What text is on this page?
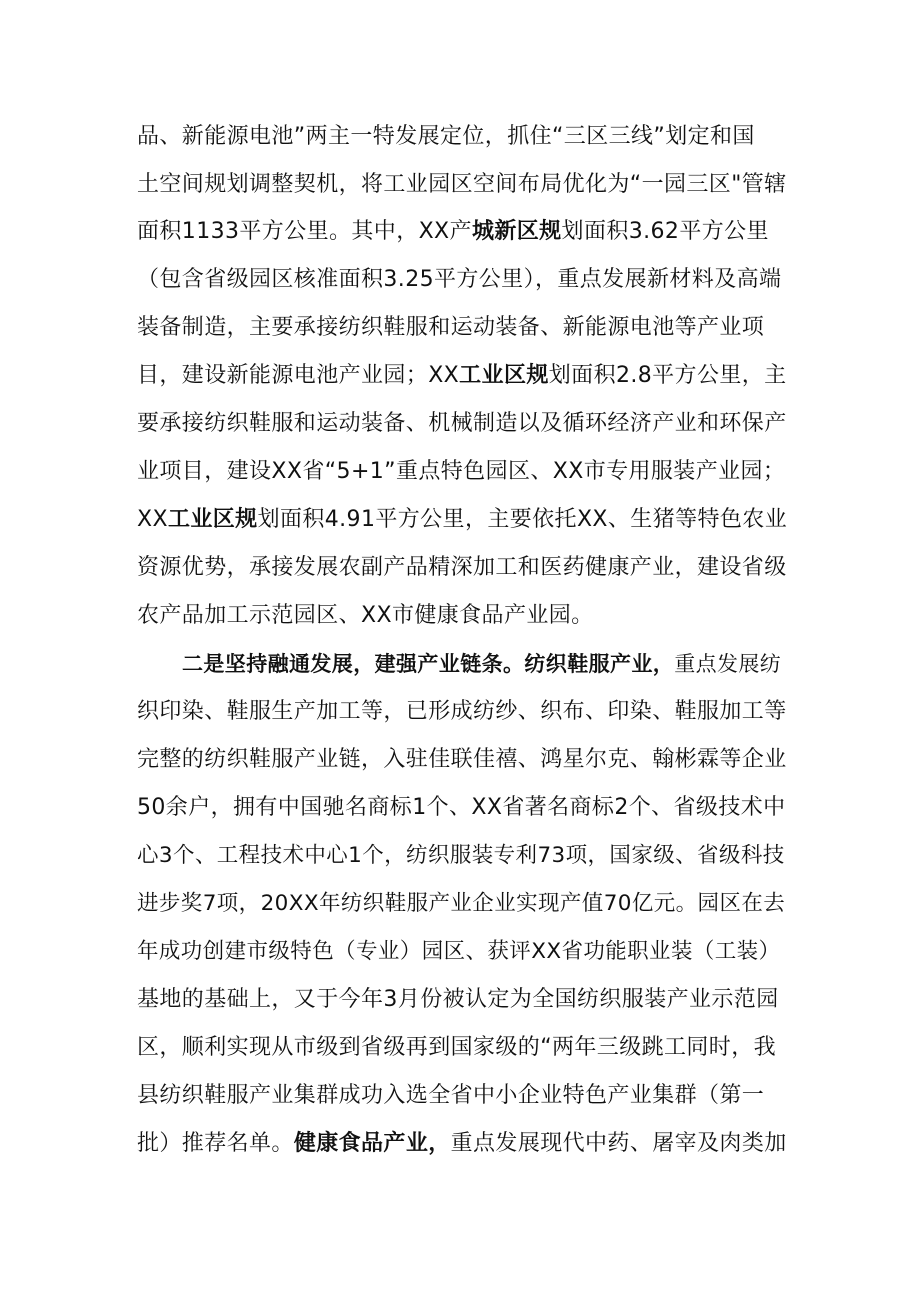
品、新能源电池”两主一特发展定位，抓住“三区三线”划定和国
土空间规划调整契机，将工业园区空间布局优化为“一园三区"管辖
面积1133平方公里。其中，XX产城新区规划面积3.62平方公里
（包含省级园区核准面积3.25平方公里），重点发展新材料及高端
装备制造，主要承接纺织鞋服和运动装备、新能源电池等产业项
目，建设新能源电池产业园；XX工业区规划面积2.8平方公里，主
要承接纺织鞋服和运动装备、机械制造以及循环经济产业和环保产
业项目，建设XX省“5+1”重点特色园区、XX市专用服装产业园；
XX工业区规划面积4.91平方公里，主要依托XX、生猪等特色农业
资源优势，承接发展农副产品精深加工和医药健康产业，建设省级
农产品加工示范园区、XX市健康食品产业园。
二是坚持融通发展，建强产业链条。纺织鞋服产业，重点发展纺
织印染、鞋服生产加工等，已形成纺纱、织布、印染、鞋服加工等
完整的纺织鞋服产业链，入驻佳联佳禧、鸿星尔克、翰彬霖等企业
50余户，拥有中国驰名商标1个、XX省著名商标2个、省级技术中
心3个、工程技术中心1个，纺织服装专利73项，国家级、省级科技
进步奖7项，20XX年纺织鞋服产业企业实现产值70亿元。园区在去
年成功创建市级特色（专业）园区、获评XX省功能职业装（工装）
基地的基础上，又于今年3月份被认定为全国纺织服装产业示范园
区，顺利实现从市级到省级再到国家级的“两年三级跳工同时，我
县纺织鞋服产业集群成功入选全省中小企业特色产业集群（第一
批）推荐名单。健康食品产业，重点发展现代中药、屠宰及肉类加
